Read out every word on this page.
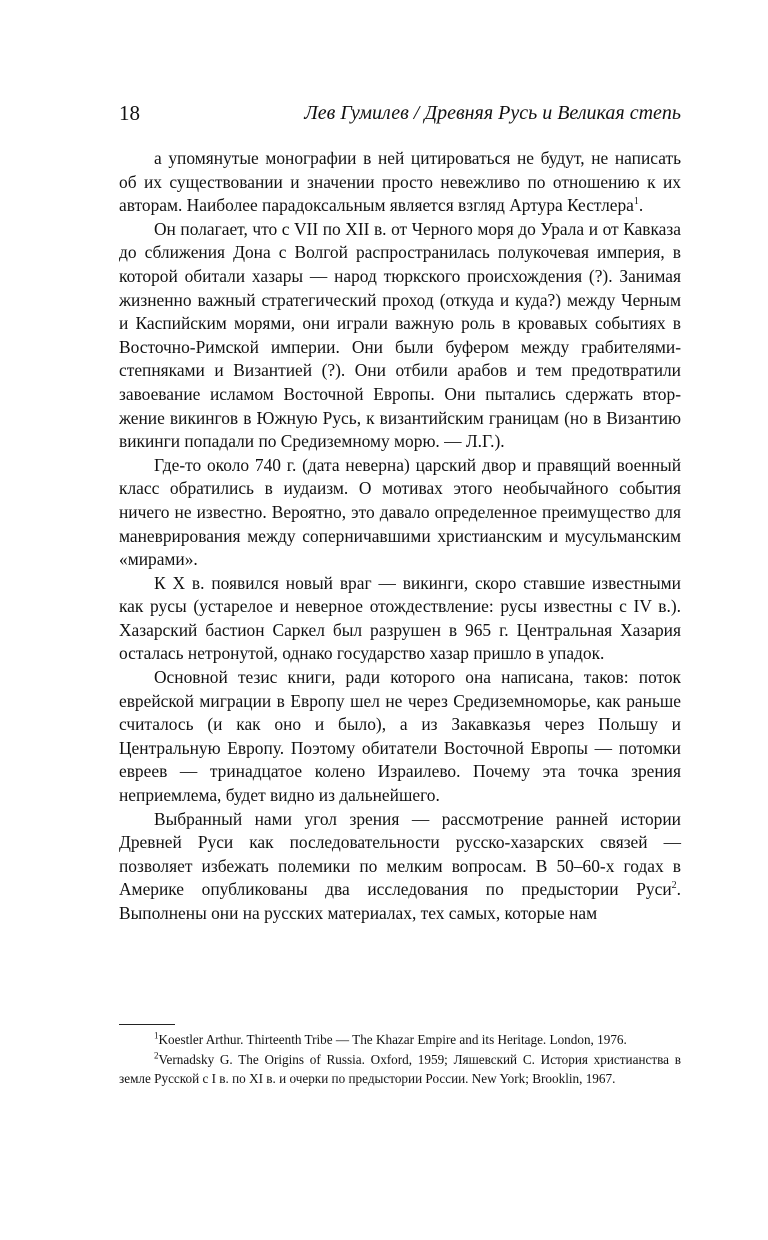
18	Лев Гумилев / Древняя Русь и Великая степь

а упомянутые монографии в ней цитироваться не будут, не написать об их существовании и значении просто невежливо по отношению к их авторам. Наиболее парадоксальным является взгляд Артура Кестлера$^1$.

Он полагает, что с VII по XII в. от Черного моря до Урала и от Кавказа до сближения Дона с Волгой распространилась полукочевая империя, в которой обитали хазары — народ тюркского происхождения (?). Занимая жизненно важный стратегический проход (откуда и куда?) между Черным и Каспийским морями, они играли важную роль в кровавых событиях в Восточно-Римской империи. Они были буфером между грабителями-степняками и Византией (?). Они отбили арабов и тем предотвратили завоевание исламом Восточной Европы. Они пытались сдержать вторжение викингов в Южную Русь, к византийским границам (но в Византию викинги попадали по Средиземному морю. — Л.Г.).

Где-то около 740 г. (дата неверна) царский двор и правящий военный класс обратились в иудаизм. О мотивах этого необычайного события ничего не известно. Вероятно, это давало определенное преимущество для маневрирования между соперничавшими христианским и мусульманским «мирами».

К X в. появился новый враг — викинги, скоро ставшие известными как русы (устарелое и неверное отождествление: русы известны с IV в.). Хазарский бастион Саркел был разрушен в 965 г. Центральная Хазария осталась нетронутой, однако государство хазар пришло в упадок.

Основной тезис книги, ради которого она написана, таков: поток еврейской миграции в Европу шел не через Средиземноморье, как раньше считалось (и как оно и было), а из Закавказья через Польшу и Центральную Европу. Поэтому обитатели Восточной Европы — потомки евреев — тринадцатое колено Израилево. Почему эта точка зрения неприемлема, будет видно из дальнейшего.

Выбранный нами угол зрения — рассмотрение ранней истории Древней Руси как последовательности русско-хазарских связей — позволяет избежать полемики по мелким вопросам. В 50–60-х годах в Америке опубликованы два исследования по предыстории Руси$^2$. Выполнены они на русских материалах, тех самых, которые нам

$^1$Koestler Arthur. Thirteenth Tribe — The Khazar Empire and its Heritage. London, 1976.

$^2$Vernadsky G. The Origins of Russia. Oxford, 1959; Ляшевский С. История христианства в земле Русской с I в. по XI в. и очерки по предыстории России. New York; Brooklin, 1967.
